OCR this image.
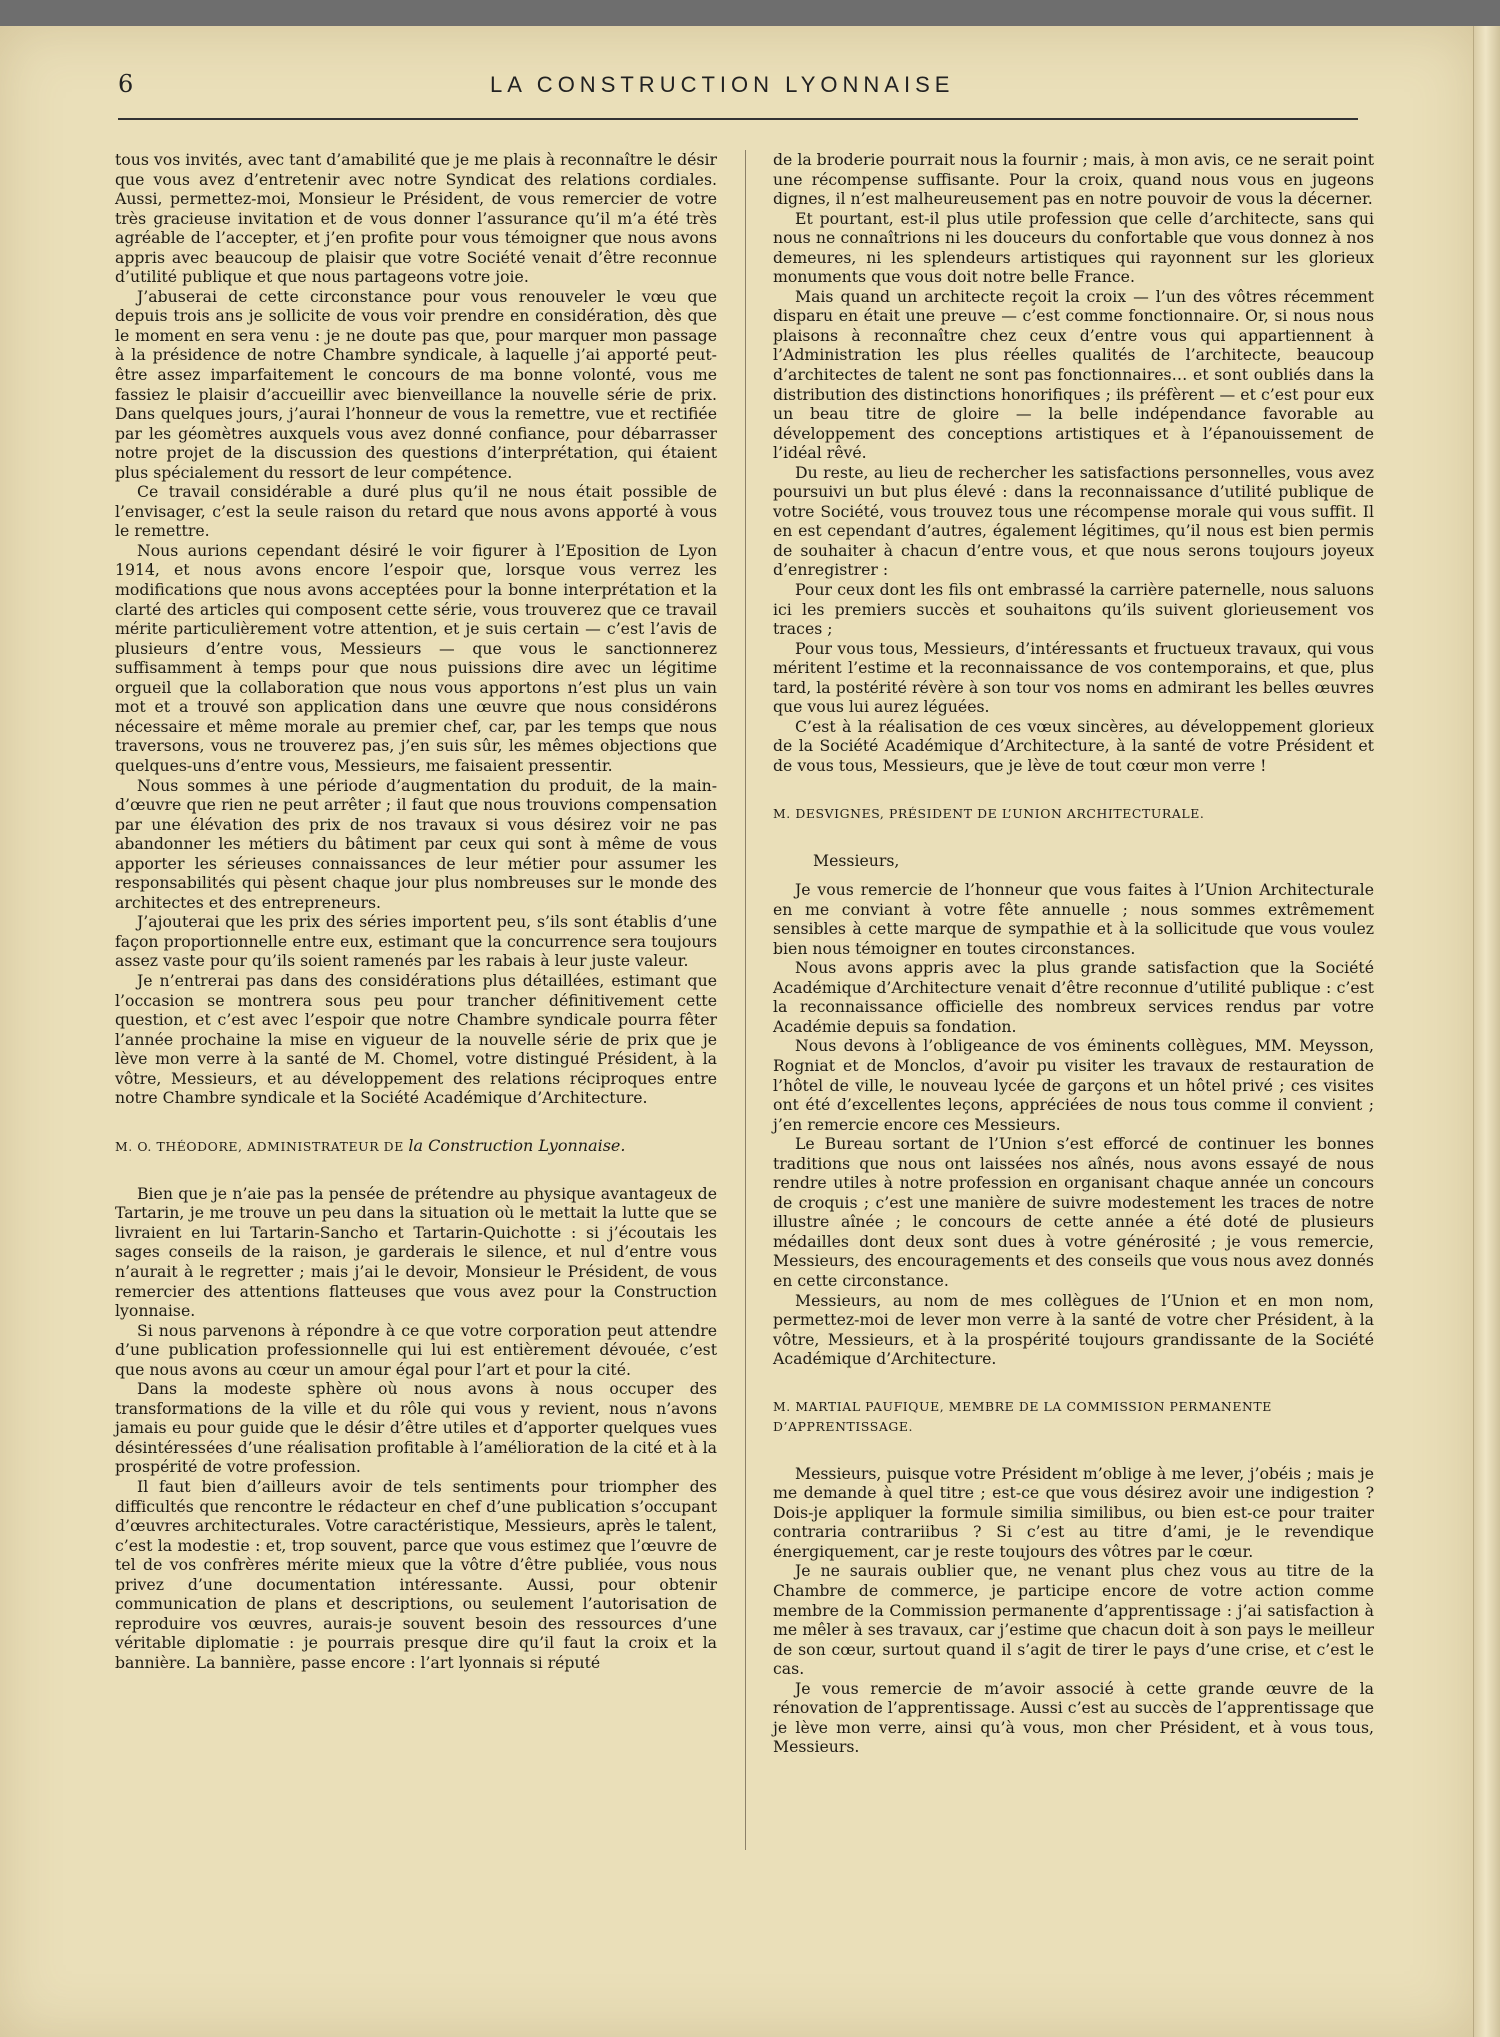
6	LA CONSTRUCTION LYONNAISE

tous vos invités, avec tant d’amabilité que je me plais à reconnaître le désir que vous avez d’entretenir avec notre Syndicat des relations cordiales. Aussi, permettez-moi, Monsieur le Président, de vous remercier de votre très gracieuse invitation et de vous donner l’assurance qu’il m’a été très agréable de l’accepter, et j’en profite pour vous témoigner que nous avons appris avec beaucoup de plaisir que votre Société venait d’être reconnue d’utilité publique et que nous partageons votre joie.

J’abuserai de cette circonstance pour vous renouveler le vœu que depuis trois ans je sollicite de vous voir prendre en considération, dès que le moment en sera venu : je ne doute pas que, pour marquer mon passage à la présidence de notre Chambre syndicale, à laquelle j’ai apporté peut-être assez imparfaitement le concours de ma bonne volonté, vous me fassiez le plaisir d’accueillir avec bienveillance la nouvelle série de prix. Dans quelques jours, j’aurai l’honneur de vous la remettre, vue et rectifiée par les géomètres auxquels vous avez donné confiance, pour débarrasser notre projet de la discussion des questions d’interprétation, qui étaient plus spécialement du ressort de leur compétence.

Ce travail considérable a duré plus qu’il ne nous était possible de l’envisager, c’est la seule raison du retard que nous avons apporté à vous le remettre.

Nous aurions cependant désiré le voir figurer à l’Eposition de Lyon 1914, et nous avons encore l’espoir que, lorsque vous verrez les modifications que nous avons acceptées pour la bonne interprétation et la clarté des articles qui composent cette série, vous trouverez que ce travail mérite particulièrement votre attention, et je suis certain — c’est l’avis de plusieurs d’entre vous, Messieurs — que vous le sanctionnerez suffisamment à temps pour que nous puissions dire avec un légitime orgueil que la collaboration que nous vous apportons n’est plus un vain mot et a trouvé son application dans une œuvre que nous considérons nécessaire et même morale au premier chef, car, par les temps que nous traversons, vous ne trouverez pas, j’en suis sûr, les mêmes objections que quelques-uns d’entre vous, Messieurs, me faisaient pressentir.

Nous sommes à une période d’augmentation du produit, de la main-d’œuvre que rien ne peut arrêter ; il faut que nous trouvions compensation par une élévation des prix de nos travaux si vous désirez voir ne pas abandonner les métiers du bâtiment par ceux qui sont à même de vous apporter les sérieuses connaissances de leur métier pour assumer les responsabilités qui pèsent chaque jour plus nombreuses sur le monde des architectes et des entrepreneurs.

J’ajouterai que les prix des séries importent peu, s’ils sont établis d’une façon proportionnelle entre eux, estimant que la concurrence sera toujours assez vaste pour qu’ils soient ramenés par les rabais à leur juste valeur.

Je n’entrerai pas dans des considérations plus détaillées, estimant que l’occasion se montrera sous peu pour trancher définitivement cette question, et c’est avec l’espoir que notre Chambre syndicale pourra fêter l’année prochaine la mise en vigueur de la nouvelle série de prix que je lève mon verre à la santé de M. Chomel, votre distingué Président, à la vôtre, Messieurs, et au développement des relations réciproques entre notre Chambre syndicale et la Société Académique d’Architecture.

M. O. THÉODORE, ADMINISTRATEUR DE la Construction Lyonnaise.

Bien que je n’aie pas la pensée de prétendre au physique avantageux de Tartarin, je me trouve un peu dans la situation où le mettait la lutte que se livraient en lui Tartarin-Sancho et Tartarin-Quichotte : si j’écoutais les sages conseils de la raison, je garderais le silence, et nul d’entre vous n’aurait à le regretter ; mais j’ai le devoir, Monsieur le Président, de vous remercier des attentions flatteuses que vous avez pour la Construction lyonnaise.

Si nous parvenons à répondre à ce que votre corporation peut attendre d’une publication professionnelle qui lui est entièrement dévouée, c’est que nous avons au cœur un amour égal pour l’art et pour la cité.

Dans la modeste sphère où nous avons à nous occuper des transformations de la ville et du rôle qui vous y revient, nous n’avons jamais eu pour guide que le désir d’être utiles et d’apporter quelques vues désintéressées d’une réalisation profitable à l’amélioration de la cité et à la prospérité de votre profession.

Il faut bien d’ailleurs avoir de tels sentiments pour triompher des difficultés que rencontre le rédacteur en chef d’une publication s’occupant d’œuvres architecturales. Votre caractéristique, Messieurs, après le talent, c’est la modestie : et, trop souvent, parce que vous estimez que l’œuvre de tel de vos confrères mérite mieux que la vôtre d’être publiée, vous nous privez d’une documentation intéressante. Aussi, pour obtenir communication de plans et descriptions, ou seulement l’autorisation de reproduire vos œuvres, aurais-je souvent besoin des ressources d’une véritable diplomatie : je pourrais presque dire qu’il faut la croix et la bannière. La bannière, passe encore : l’art lyonnais si réputé

de la broderie pourrait nous la fournir ; mais, à mon avis, ce ne serait point une récompense suffisante. Pour la croix, quand nous vous en jugeons dignes, il n’est malheureusement pas en notre pouvoir de vous la décerner.

Et pourtant, est-il plus utile profession que celle d’architecte, sans qui nous ne connaîtrions ni les douceurs du confortable que vous donnez à nos demeures, ni les splendeurs artistiques qui rayonnent sur les glorieux monuments que vous doit notre belle France.

Mais quand un architecte reçoit la croix — l’un des vôtres récemment disparu en était une preuve — c’est comme fonctionnaire. Or, si nous nous plaisons à reconnaître chez ceux d’entre vous qui appartiennent à l’Administration les plus réelles qualités de l’architecte, beaucoup d’architectes de talent ne sont pas fonctionnaires… et sont oubliés dans la distribution des distinctions honorifiques ; ils préfèrent — et c’est pour eux un beau titre de gloire — la belle indépendance favorable au développement des conceptions artistiques et à l’épanouissement de l’idéal rêvé.

Du reste, au lieu de rechercher les satisfactions personnelles, vous avez poursuivi un but plus élevé : dans la reconnaissance d’utilité publique de votre Société, vous trouvez tous une récompense morale qui vous suffit. Il en est cependant d’autres, également légitimes, qu’il nous est bien permis de souhaiter à chacun d’entre vous, et que nous serons toujours joyeux d’enregistrer :

Pour ceux dont les fils ont embrassé la carrière paternelle, nous saluons ici les premiers succès et souhaitons qu’ils suivent glorieusement vos traces ;

Pour vous tous, Messieurs, d’intéressants et fructueux travaux, qui vous méritent l’estime et la reconnaissance de vos contemporains, et que, plus tard, la postérité révère à son tour vos noms en admirant les belles œuvres que vous lui aurez léguées.

C’est à la réalisation de ces vœux sincères, au développement glorieux de la Société Académique d’Architecture, à la santé de votre Président et de vous tous, Messieurs, que je lève de tout cœur mon verre !

M. DESVIGNES, PRÉSIDENT DE L’UNION ARCHITECTURALE.

Messieurs,

Je vous remercie de l’honneur que vous faites à l’Union Architecturale en me conviant à votre fête annuelle ; nous sommes extrêmement sensibles à cette marque de sympathie et à la sollicitude que vous voulez bien nous témoigner en toutes circonstances.

Nous avons appris avec la plus grande satisfaction que la Société Académique d’Architecture venait d’être reconnue d’utilité publique : c’est la reconnaissance officielle des nombreux services rendus par votre Académie depuis sa fondation.

Nous devons à l’obligeance de vos éminents collègues, MM. Meysson, Rogniat et de Monclos, d’avoir pu visiter les travaux de restauration de l’hôtel de ville, le nouveau lycée de garçons et un hôtel privé ; ces visites ont été d’excellentes leçons, appréciées de nous tous comme il convient ; j’en remercie encore ces Messieurs.

Le Bureau sortant de l’Union s’est efforcé de continuer les bonnes traditions que nous ont laissées nos aînés, nous avons essayé de nous rendre utiles à notre profession en organisant chaque année un concours de croquis ; c’est une manière de suivre modestement les traces de notre illustre aînée ; le concours de cette année a été doté de plusieurs médailles dont deux sont dues à votre générosité ; je vous remercie, Messieurs, des encouragements et des conseils que vous nous avez donnés en cette circonstance.

Messieurs, au nom de mes collègues de l’Union et en mon nom, permettez-moi de lever mon verre à la santé de votre cher Président, à la vôtre, Messieurs, et à la prospérité toujours grandissante de la Société Académique d’Architecture.

M. MARTIAL PAUFIQUE, MEMBRE DE LA COMMISSION PERMANENTE D’APPRENTISSAGE.

Messieurs, puisque votre Président m’oblige à me lever, j’obéis ; mais je me demande à quel titre ; est-ce que vous désirez avoir une indigestion ? Dois-je appliquer la formule similia similibus, ou bien est-ce pour traiter contraria contrariibus ? Si c’est au titre d’ami, je le revendique énergiquement, car je reste toujours des vôtres par le cœur.

Je ne saurais oublier que, ne venant plus chez vous au titre de la Chambre de commerce, je participe encore de votre action comme membre de la Commission permanente d’apprentissage : j’ai satisfaction à me mêler à ses travaux, car j’estime que chacun doit à son pays le meilleur de son cœur, surtout quand il s’agit de tirer le pays d’une crise, et c’est le cas.

Je vous remercie de m’avoir associé à cette grande œuvre de la rénovation de l’apprentissage. Aussi c’est au succès de l’apprentissage que je lève mon verre, ainsi qu’à vous, mon cher Président, et à vous tous, Messieurs.
